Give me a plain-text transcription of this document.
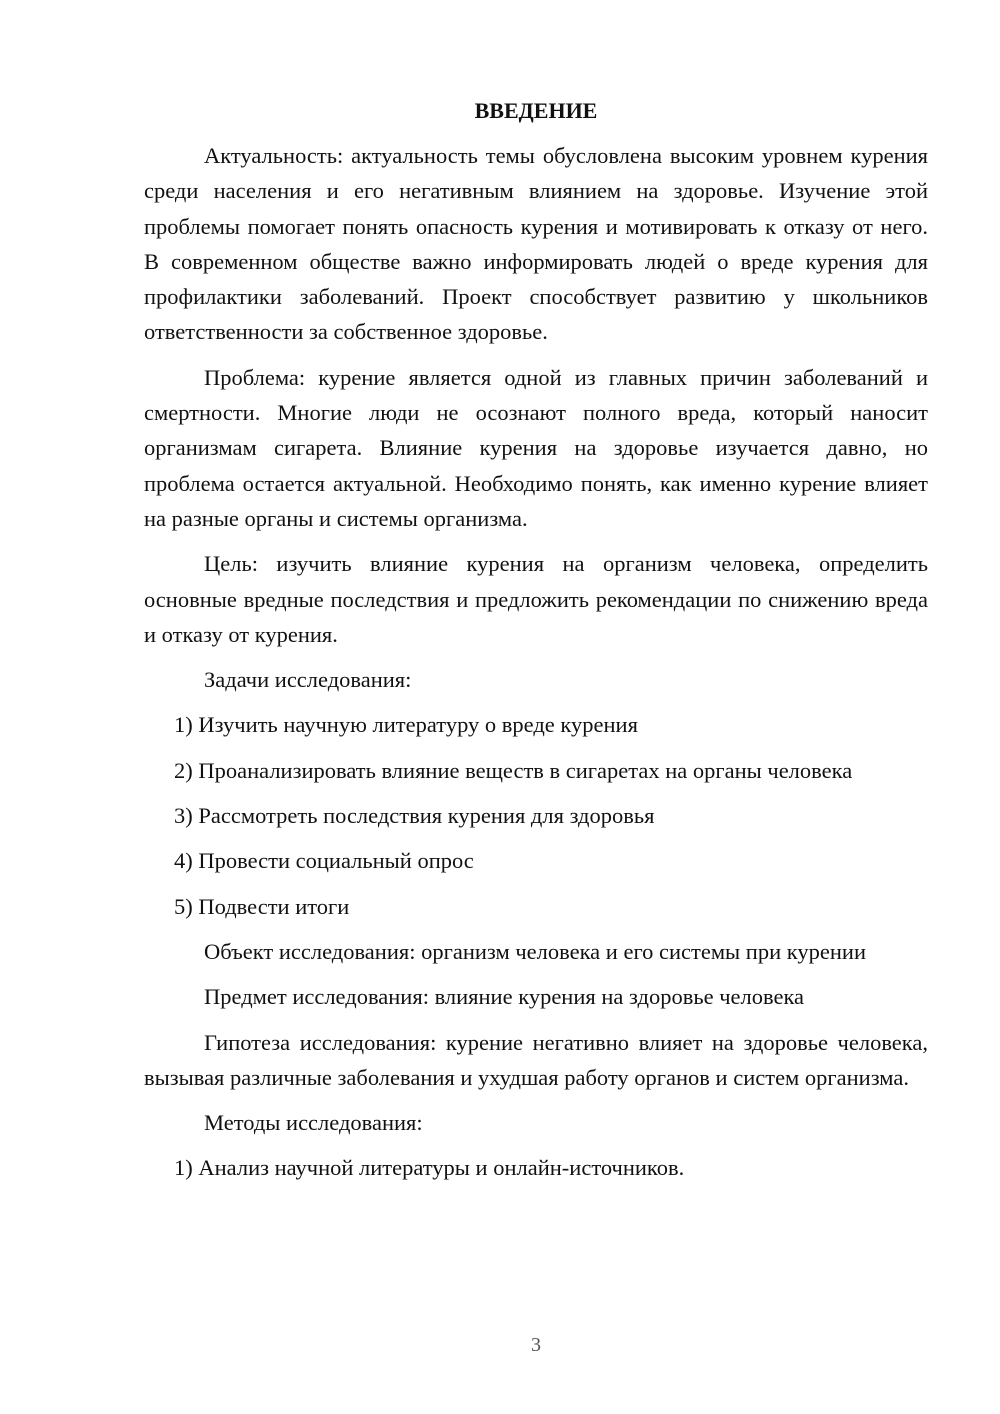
ВВЕДЕНИЕ

Актуальность: актуальность темы обусловлена высоким уровнем курения среди населения и его негативным влиянием на здоровье. Изучение этой проблемы помогает понять опасность курения и мотивировать к отказу от него. В современном обществе важно информировать людей о вреде курения для профилактики заболеваний. Проект способствует развитию у школьников ответственности за собственное здоровье.

Проблема: курение является одной из главных причин заболеваний и смертности. Многие люди не осознают полного вреда, который наносит организмам сигарета. Влияние курения на здоровье изучается давно, но проблема остается актуальной. Необходимо понять, как именно курение влияет на разные органы и системы организма.

Цель: изучить влияние курения на организм человека, определить основные вредные последствия и предложить рекомендации по снижению вреда и отказу от курения.

Задачи исследования:
1) Изучить научную литературу о вреде курения
2) Проанализировать влияние веществ в сигаретах на органы человека
3) Рассмотреть последствия курения для здоровья
4) Провести социальный опрос
5) Подвести итоги

Объект исследования: организм человека и его системы при курении

Предмет исследования: влияние курения на здоровье человека

Гипотеза исследования: курение негативно влияет на здоровье человека, вызывая различные заболевания и ухудшая работу органов и систем организма.

Методы исследования:
1) Анализ научной литературы и онлайн-источников.
3
